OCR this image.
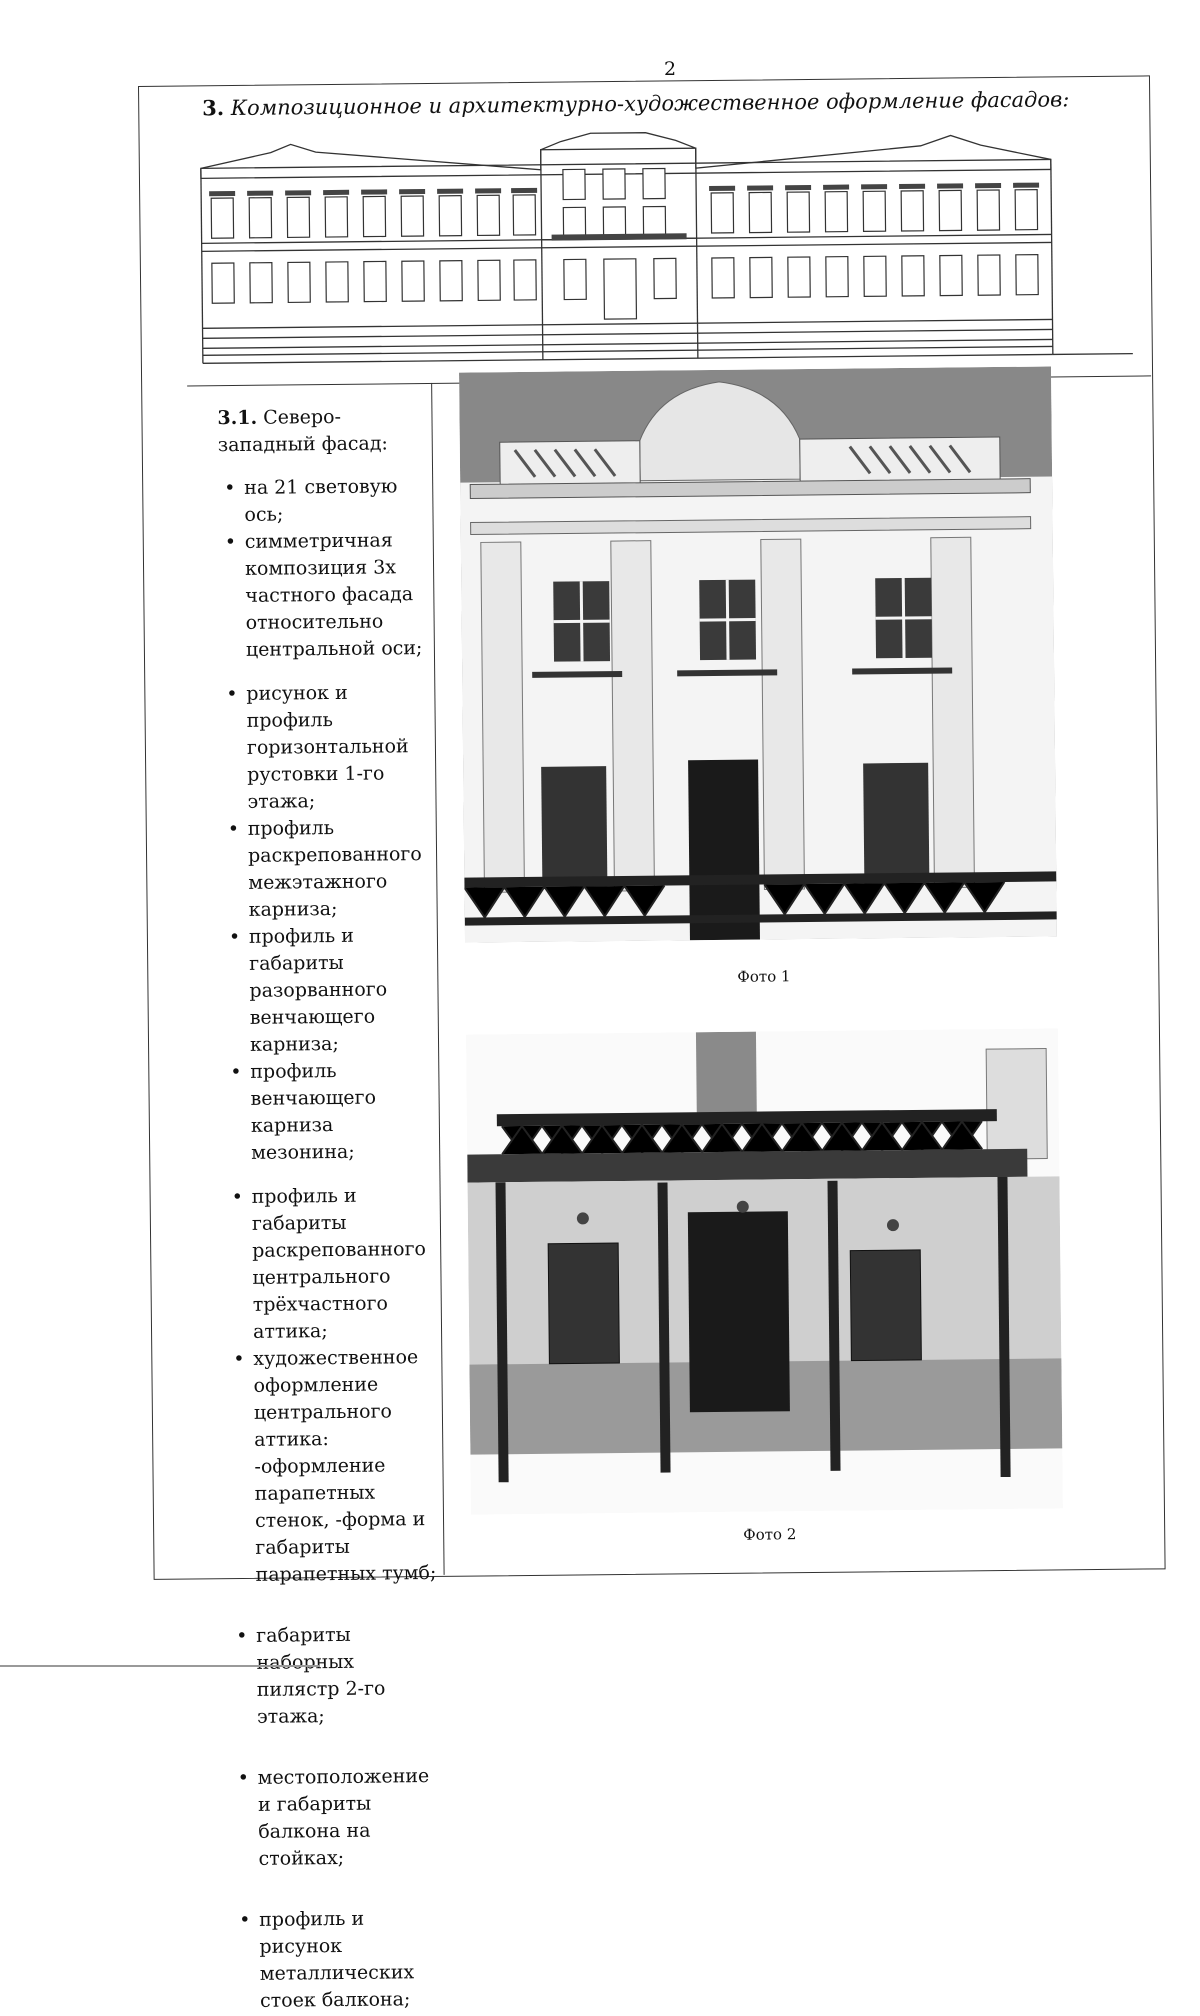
2
3. Композиционное и архитектурно-художественное оформление фасадов:
3.1. Северо-западный фасад:
• на 21 световую ось;
• симметричная композиция 3х частного фасада относительно центральной оси;
• рисунок и профиль горизонтальной рустовки 1-го этажа;
• профиль раскрепованного межэтажного карниза;
• профиль и габариты разорванного венчающего карниза;
• профиль венчающего карниза мезонина;
• профиль и габариты раскрепованного центрального трёхчастного аттика;
• художественное оформление центрального аттика: -оформление парапетных стенок, -форма и габариты парапетных тумб;
• габариты наборных пилястр 2-го этажа;
• местоположение и габариты балкона на стойках;
• профиль и рисунок металлических стоек балкона;
Фото 1
Фото 2
